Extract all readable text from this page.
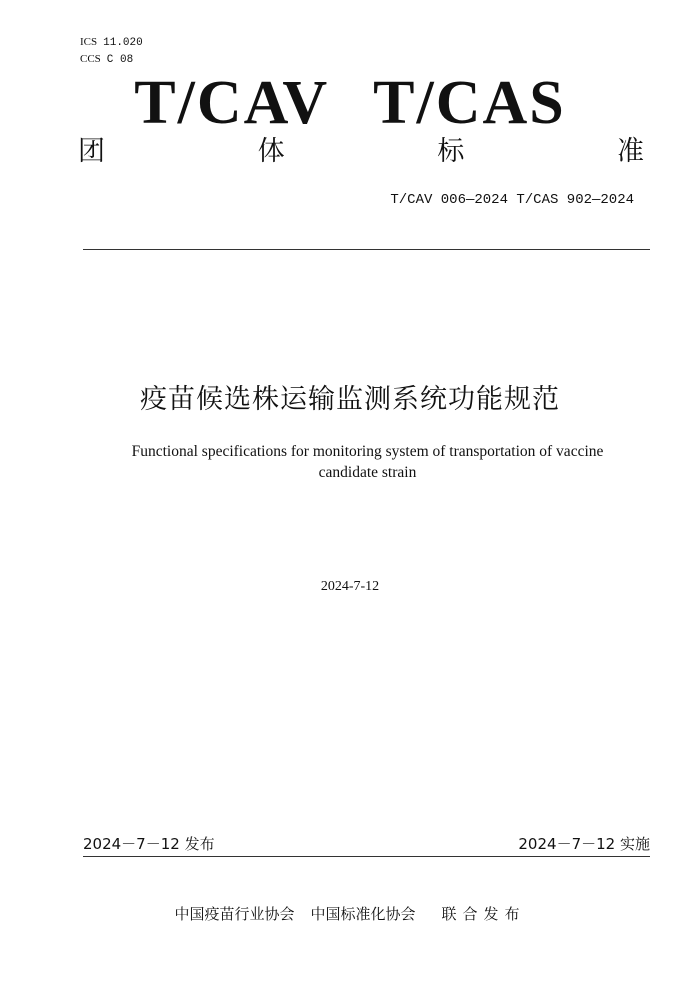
ICS 11.020
CCS C 08
T/CAV T/CAS
团	体	标	准
T/CAV 006—2024 T/CAS 902—2024
疫苗候选株运输监测系统功能规范
Functional specifications for monitoring system of transportation of vaccine candidate strain
2024-7-12
2024－7－12 发布	2024－7－12 实施
中国疫苗行业协会 中国标准化协会 联合发布
